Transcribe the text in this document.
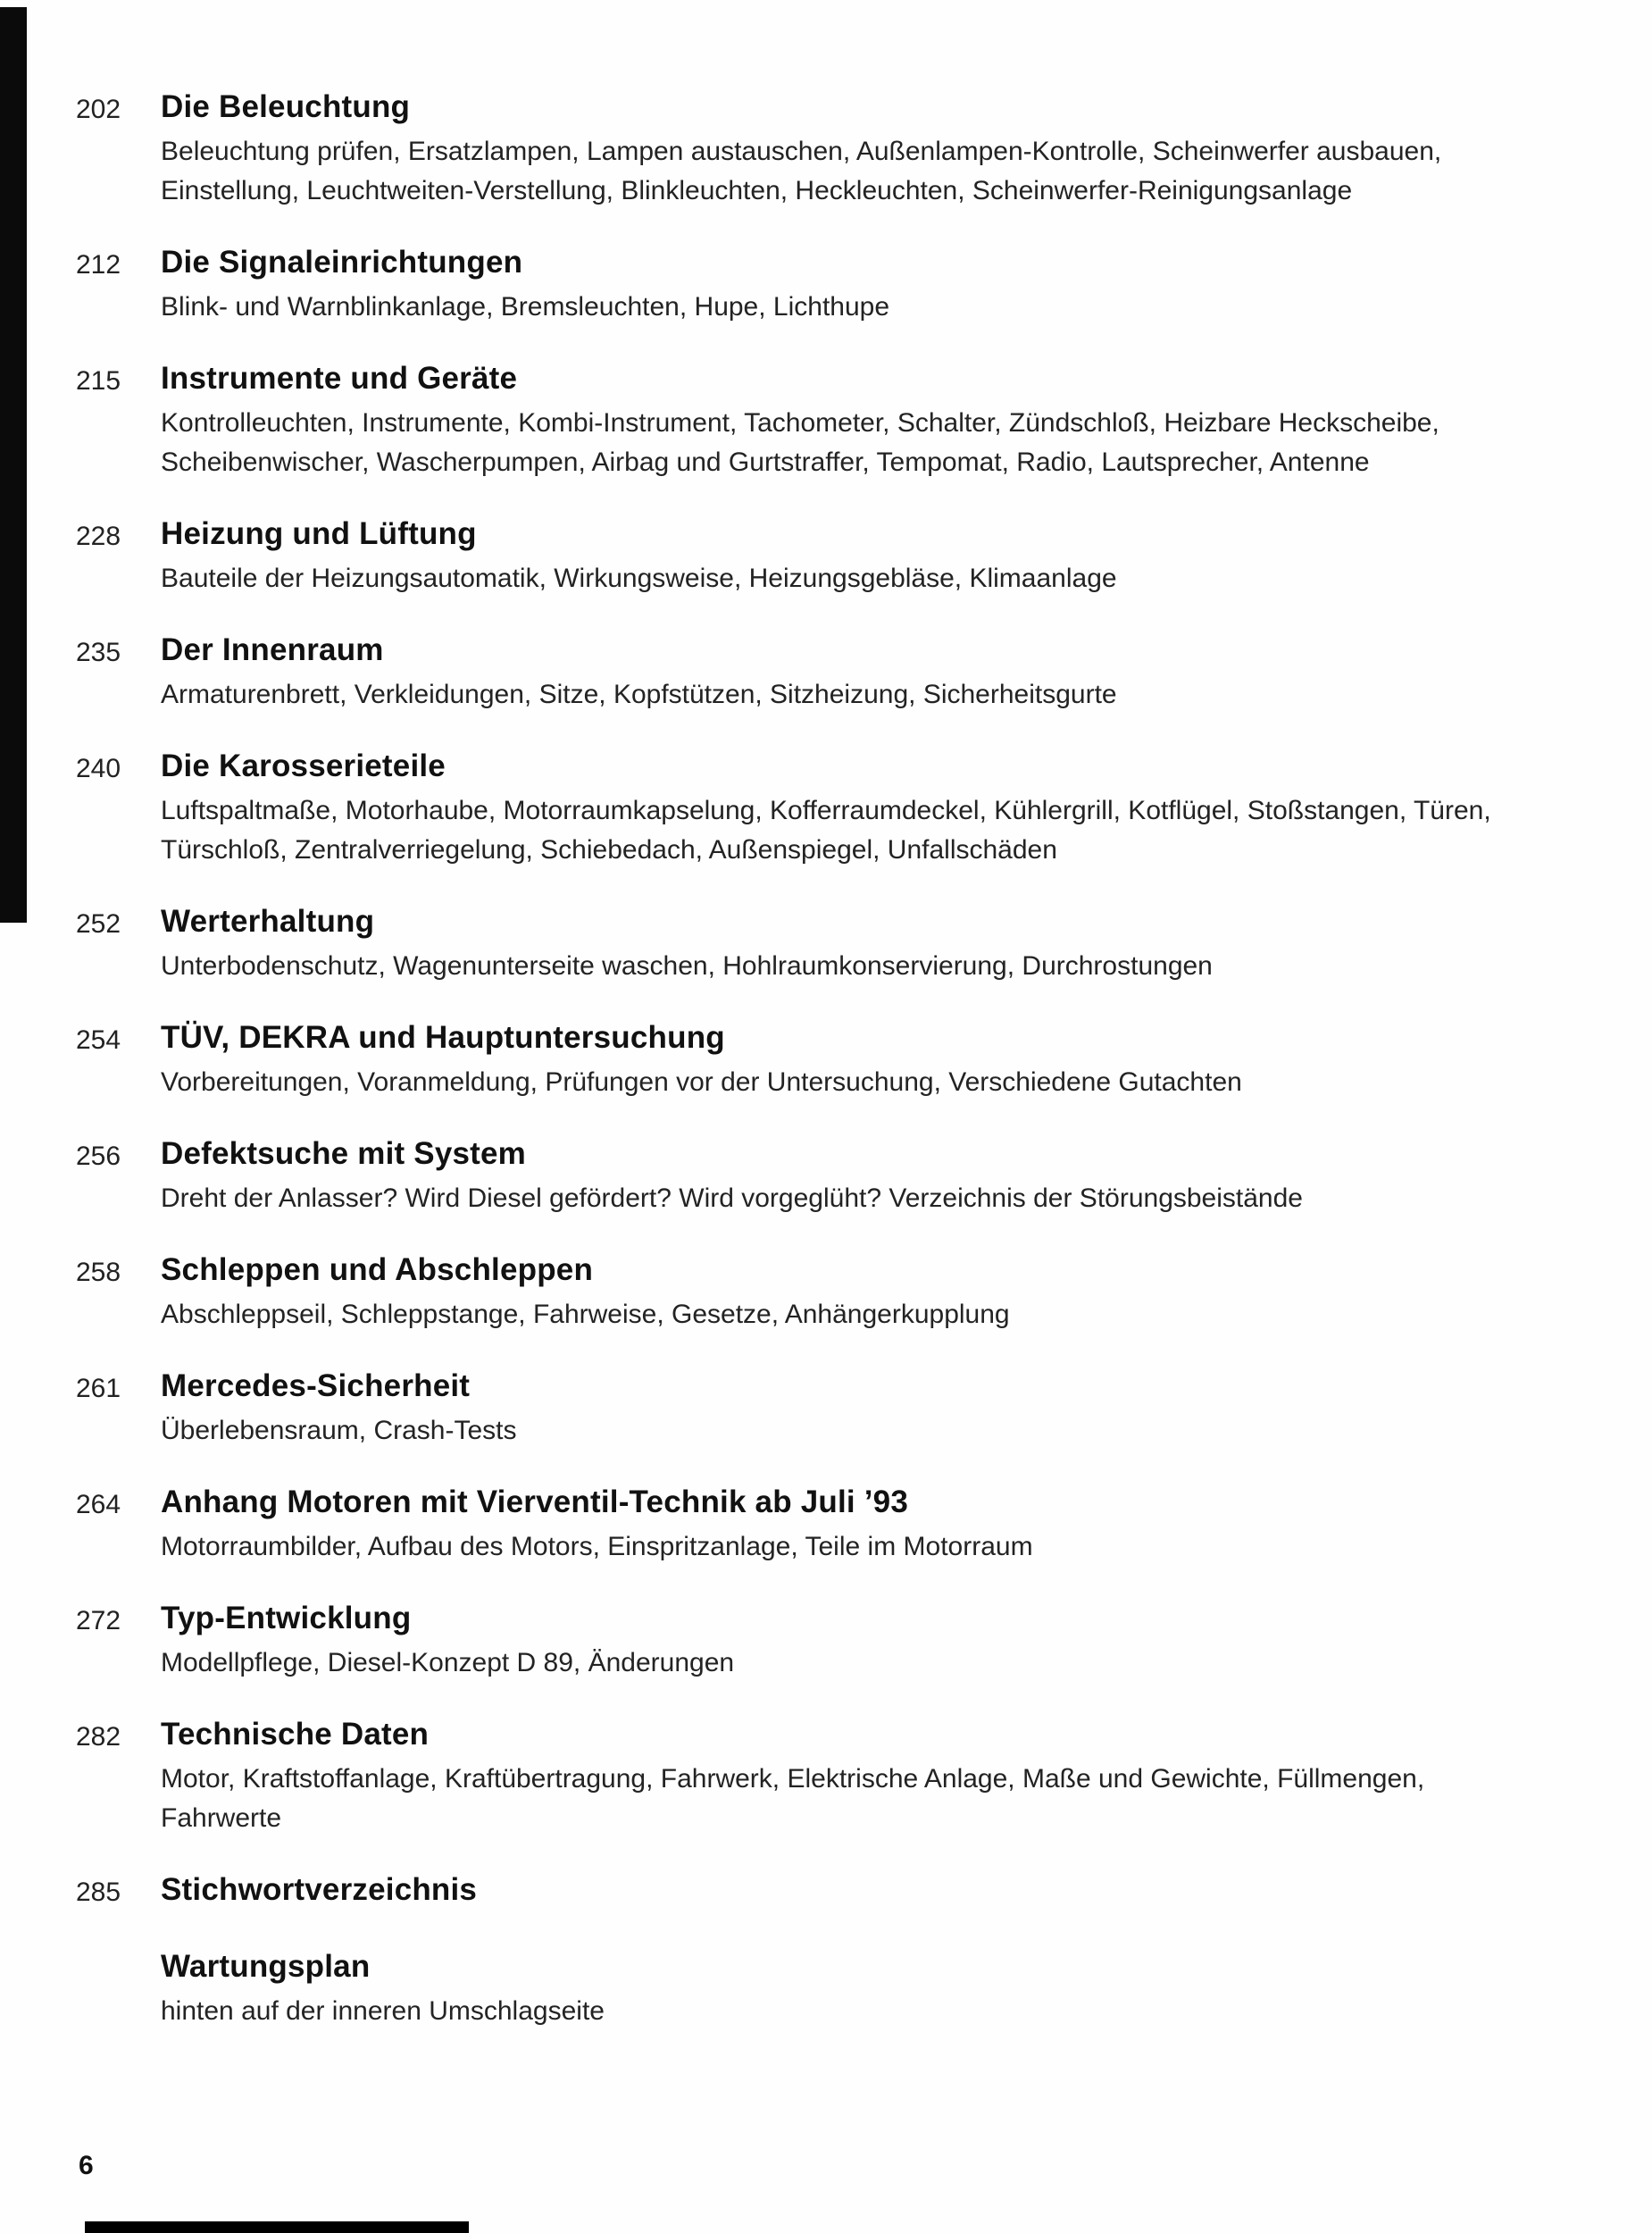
202	Die Beleuchtung
Beleuchtung prüfen, Ersatzlampen, Lampen austauschen, Außenlampen-Kontrolle, Scheinwerfer ausbauen, Einstellung, Leuchtweiten-Verstellung, Blinkleuchten, Heckleuchten, Scheinwerfer-Reinigungsanlage
212	Die Signaleinrichtungen
Blink- und Warnblinkanlage, Bremsleuchten, Hupe, Lichthupe
215	Instrumente und Geräte
Kontrolleuchten, Instrumente, Kombi-Instrument, Tachometer, Schalter, Zündschloß, Heizbare Heckscheibe, Scheibenwischer, Wascherpumpen, Airbag und Gurtstraffer, Tempomat, Radio, Lautsprecher, Antenne
228	Heizung und Lüftung
Bauteile der Heizungsautomatik, Wirkungsweise, Heizungsgebläse, Klimaanlage
235	Der Innenraum
Armaturenbrett, Verkleidungen, Sitze, Kopfstützen, Sitzheizung, Sicherheitsgurte
240	Die Karosserieteile
Luftspaltmaße, Motorhaube, Motorraumkapselung, Kofferraumdeckel, Kühlergrill, Kotflügel, Stoßstangen, Türen, Türschloß, Zentralverriegelung, Schiebedach, Außenspiegel, Unfallschäden
252	Werterhaltung
Unterbodenschutz, Wagenunterseite waschen, Hohlraumkonservierung, Durchrostungen
254	TÜV, DEKRA und Hauptuntersuchung
Vorbereitungen, Voranmeldung, Prüfungen vor der Untersuchung, Verschiedene Gutachten
256	Defektsuche mit System
Dreht der Anlasser? Wird Diesel gefördert? Wird vorgeglüht? Verzeichnis der Störungsbeistände
258	Schleppen und Abschleppen
Abschleppseil, Schleppstange, Fahrweise, Gesetze, Anhängerkupplung
261	Mercedes-Sicherheit
Überlebensraum, Crash-Tests
264	Anhang Motoren mit Vierventil-Technik ab Juli ’93
Motorraumbilder, Aufbau des Motors, Einspritzanlage, Teile im Motorraum
272	Typ-Entwicklung
Modellpflege, Diesel-Konzept D 89, Änderungen
282	Technische Daten
Motor, Kraftstoffanlage, Kraftübertragung, Fahrwerk, Elektrische Anlage, Maße und Gewichte, Füllmengen, Fahrwerte
285	Stichwortverzeichnis
Wartungsplan
hinten auf der inneren Umschlagseite
6
